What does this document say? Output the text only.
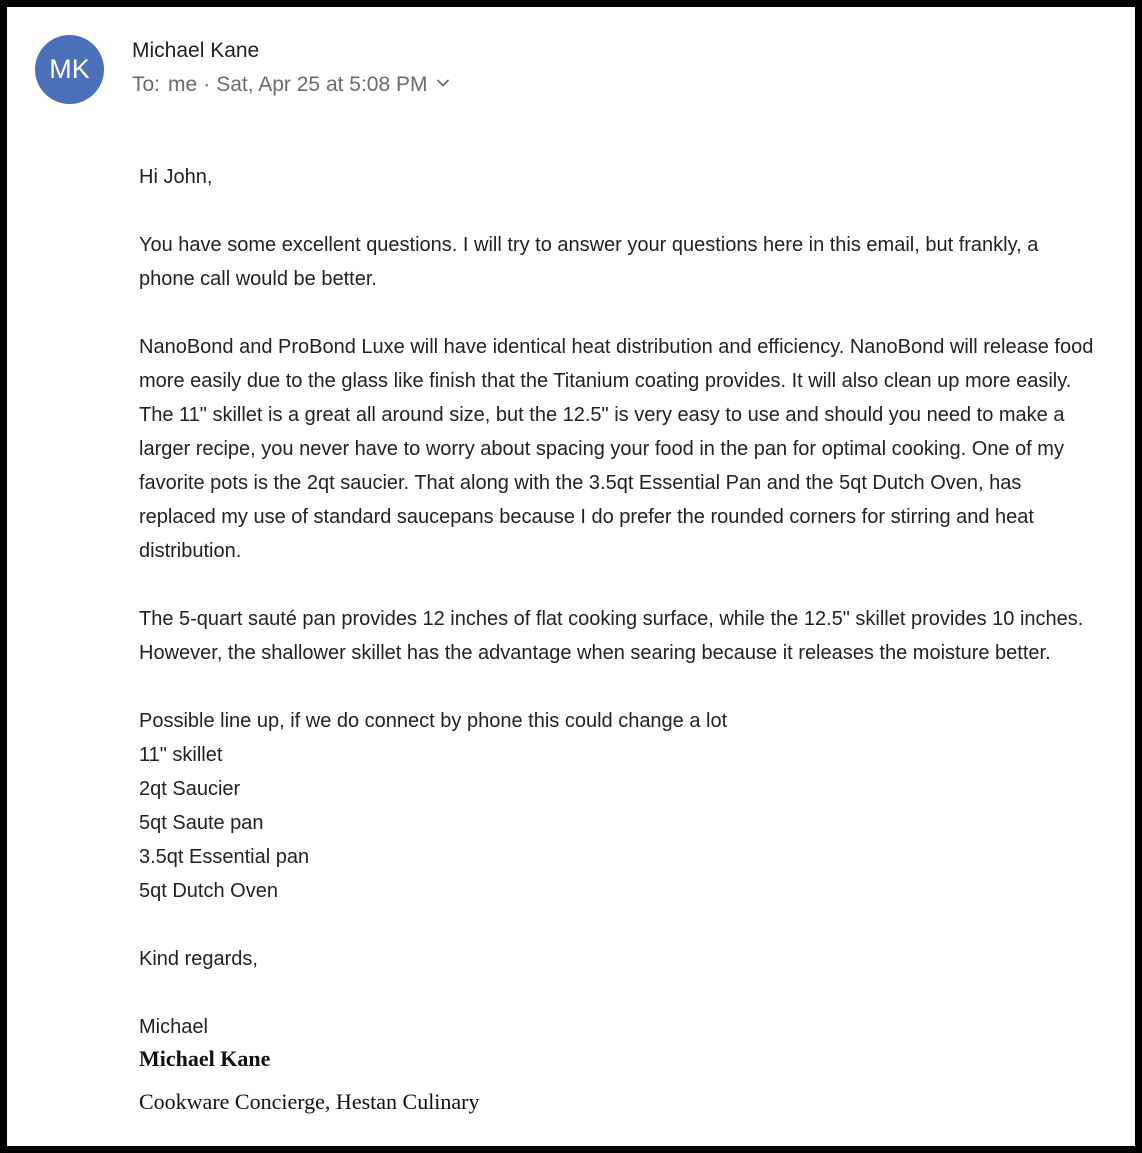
MK
Michael Kane
To: me · Sat, Apr 25 at 5:08 PM

Hi John,

You have some excellent questions. I will try to answer your questions here in this email, but frankly, a phone call would be better.

NanoBond and ProBond Luxe will have identical heat distribution and efficiency. NanoBond will release food more easily due to the glass like finish that the Titanium coating provides. It will also clean up more easily. The 11" skillet is a great all around size, but the 12.5" is very easy to use and should you need to make a larger recipe, you never have to worry about spacing your food in the pan for optimal cooking. One of my favorite pots is the 2qt saucier. That along with the 3.5qt Essential Pan and the 5qt Dutch Oven, has replaced my use of standard saucepans because I do prefer the rounded corners for stirring and heat distribution.

The 5-quart sauté pan provides 12 inches of flat cooking surface, while the 12.5" skillet provides 10 inches. However, the shallower skillet has the advantage when searing because it releases the moisture better.

Possible line up, if we do connect by phone this could change a lot

11" skillet
2qt Saucier
5qt Saute pan
3.5qt Essential pan
5qt Dutch Oven

Kind regards,

Michael

Michael Kane
Cookware Concierge, Hestan Culinary
